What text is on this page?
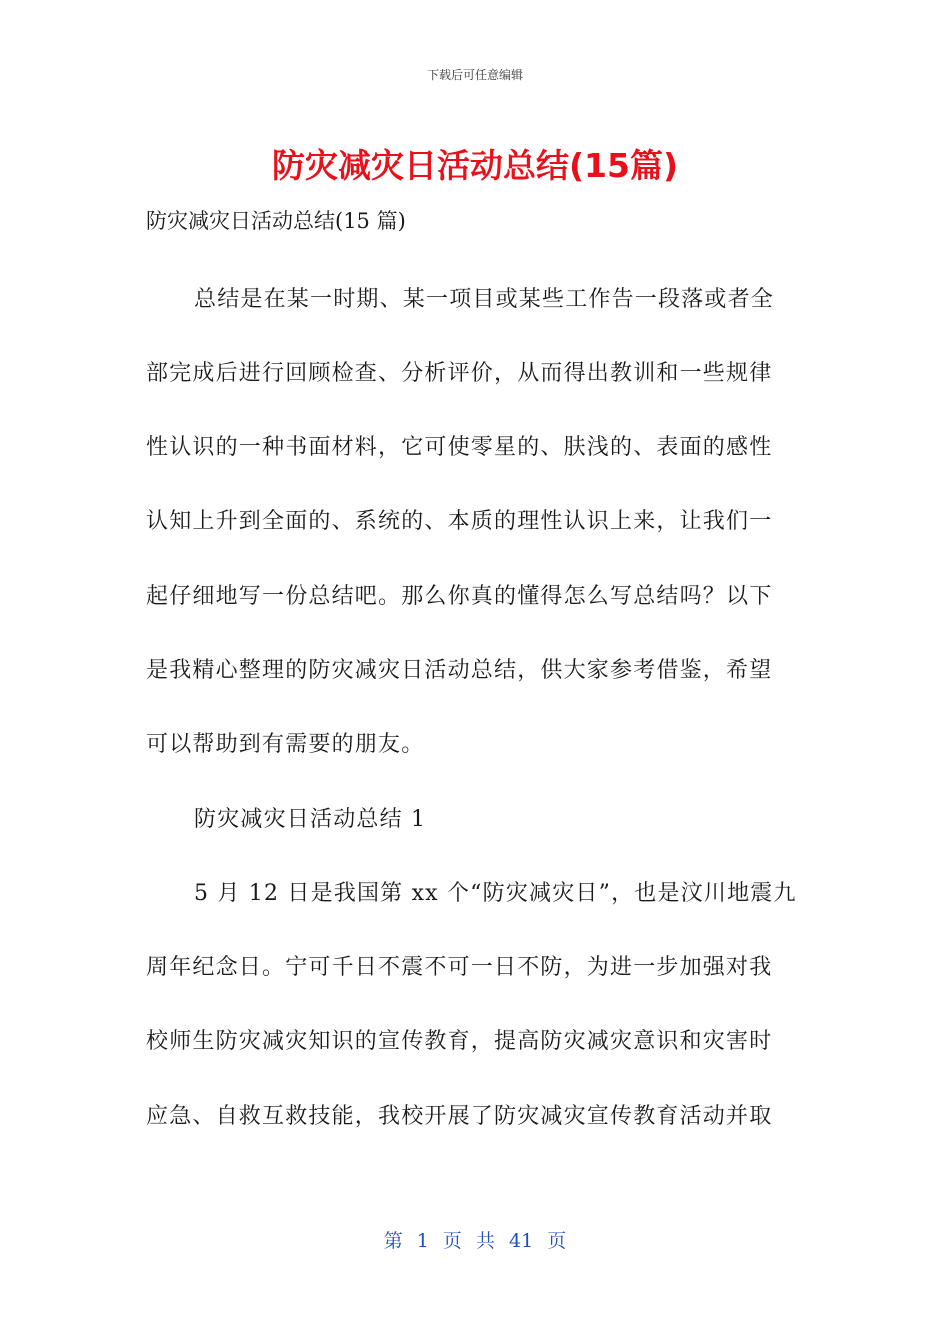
下载后可任意编辑
防灾减灾日活动总结(15篇)
防灾减灾日活动总结(15 篇)
总结是在某一时期、某一项目或某些工作告一段落或者全
部完成后进行回顾检查、分析评价，从而得出教训和一些规律
性认识的一种书面材料，它可使零星的、肤浅的、表面的感性
认知上升到全面的、系统的、本质的理性认识上来，让我们一
起仔细地写一份总结吧。那么你真的懂得怎么写总结吗？以下
是我精心整理的防灾减灾日活动总结，供大家参考借鉴，希望
可以帮助到有需要的朋友。
防灾减灾日活动总结 1
5 月 12 日是我国第 xx 个“防灾减灾日”，也是汶川地震九
周年纪念日。宁可千日不震不可一日不防，为进一步加强对我
校师生防灾减灾知识的宣传教育，提高防灾减灾意识和灾害时
应急、自救互救技能，我校开展了防灾减灾宣传教育活动并取
第 1 页 共 41 页
